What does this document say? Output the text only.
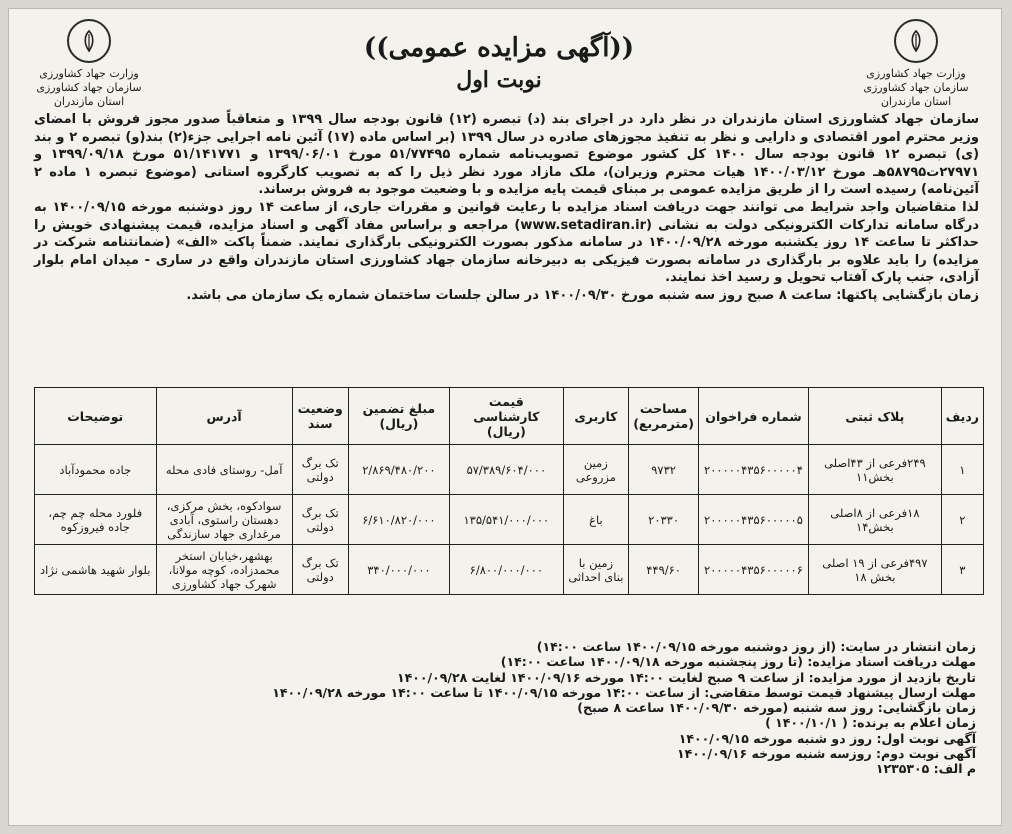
وزارت جهاد کشاورزی
سازمان جهاد کشاورزی استان مازندران
((آگهی مزایده عمومی))
نوبت اول
وزارت جهاد کشاورزی
سازمان جهاد کشاورزی استان مازندران

سازمان جهاد کشاورزی استان مازندران در نظر دارد در اجرای بند (د) تبصره (۱۲) قانون بودجه سال ۱۳۹۹ و متعاقباً صدور مجوز فروش با امضای وزیر محترم امور اقتصادی و دارایی و نظر به تنفیذ مجوزهای صادره در سال ۱۳۹۹ (بر اساس ماده (۱۷) آئین نامه اجرایی جزء(۲) بند(و) تبصره ۲ و بند (ی) تبصره ۱۲ قانون بودجه سال ۱۴۰۰ کل کشور موضوع تصویب‌نامه شماره ۵۱/۷۷۴۹۵ مورخ ۱۳۹۹/۰۶/۰۱ و ۵۱/۱۴۱۷۷۱ مورخ ۱۳۹۹/۰۹/۱۸ و ۲۷۹۷۱ت۵۸۷۹۵هـ مورخ ۱۴۰۰/۰۳/۱۲ هیات محترم وزیران)، ملک مازاد مورد نظر ذیل را که به تصویب کارگروه استانی (موضوع تبصره ۱ ماده ۲ آئین‌نامه) رسیده است را از طریق مزایده عمومی بر مبنای قیمت پایه مزایده و با وضعیت موجود به فروش برساند.

لذا متقاضیان واجد شرایط می توانند جهت دریافت اسناد مزایده با رعایت قوانین و مقررات جاری، از ساعت ۱۴ روز دوشنبه مورخه ۱۴۰۰/۰۹/۱۵ به درگاه سامانه تدارکات الکترونیکی دولت به نشانی (www.setadiran.ir) مراجعه و براساس مفاد آگهی و اسناد مزایده، قیمت پیشنهادی خویش را حداکثر تا ساعت ۱۴ روز یکشنبه مورخه ۱۴۰۰/۰۹/۲۸ در سامانه مذکور بصورت الکترونیکی بارگذاری نمایند. ضمناً پاکت «الف» (ضمانتنامه شرکت در مزایده) را باید علاوه بر بارگذاری در سامانه بصورت فیزیکی به دبیرخانه سازمان جهاد کشاورزی استان مازندران واقع در ساری - میدان امام بلوار آزادی، جنب پارک آفتاب تحویل و رسید اخذ نمایند.

زمان بازگشایی پاکتها: ساعت ۸ صبح روز سه شنبه مورخ ۱۴۰۰/۰۹/۳۰ در سالن جلسات ساختمان شماره یک سازمان می باشد.

ردیف	پلاک ثبتی	شماره فراخوان	مساحت (مترمربع)	کاربری	قیمت کارشناسی (ریال)	مبلغ تضمین (ریال)	وضعیت سند	آدرس	توضیحات
۱	۲۴۹فرعی از ۴۳اصلی بخش۱۱	۲۰۰۰۰۰۴۳۵۶۰۰۰۰۰۴	۹۷۳۲	زمین مزروعی	۵۷/۳۸۹/۶۰۴/۰۰۰	۲/۸۶۹/۴۸۰/۲۰۰	تک برگ دولتی	آمل- روستای فادی محله	جاده محمودآباد
۲	۱۸فرعی از ۸اصلی بخش۱۴	۲۰۰۰۰۰۴۳۵۶۰۰۰۰۰۵	۲۰۳۳۰	باغ	۱۳۵/۵۴۱/۰۰۰/۰۰۰	۶/۶۱۰/۸۲۰/۰۰۰	تک برگ دولتی	سوادکوه، بخش مرکزی، دهستان راستوی، آبادی مرغداری جهاد سازندگی	فلورد محله چم چم، جاده فیروزکوه
۳	۴۹۷فرعی از ۱۹ اصلی بخش ۱۸	۲۰۰۰۰۰۴۳۵۶۰۰۰۰۰۶	۴۴۹/۶۰	زمین با بنای احداثی	۶/۸۰۰/۰۰۰/۰۰۰	۳۴۰/۰۰۰/۰۰۰	تک برگ دولتی	بهشهر،خیابان استخر محمدزاده، کوچه مولانا، شهرک جهاد کشاورزی	بلوار شهید هاشمی نژاد
زمان انتشار در سایت: (از روز دوشنبه مورخه ۱۴۰۰/۰۹/۱۵ ساعت ۱۴:۰۰)
مهلت دریافت اسناد مزایده: (تا روز پنجشنبه مورخه ۱۴۰۰/۰۹/۱۸ ساعت ۱۴:۰۰)
تاریخ بازدید از مورد مزایده: از ساعت ۹ صبح لغایت ۱۴:۰۰ مورخه ۱۴۰۰/۰۹/۱۶ لغایت ۱۴۰۰/۰۹/۲۸
مهلت ارسال پیشنهاد قیمت توسط متقاضی: از ساعت ۱۴:۰۰ مورخه ۱۴۰۰/۰۹/۱۵ تا ساعت ۱۴:۰۰ مورخه ۱۴۰۰/۰۹/۲۸
زمان بازگشایی: روز سه شنبه (مورخه ۱۴۰۰/۰۹/۳۰ ساعت ۸ صبح)
زمان اعلام به برنده: ( ۱۴۰۰/۱۰/۱ )
آگهی نوبت اول: روز دو شنبه مورخه ۱۴۰۰/۰۹/۱۵
آگهی نوبت دوم: روزسه شنبه مورخه ۱۴۰۰/۰۹/۱۶
م الف: ۱۲۳۵۳۰۵
